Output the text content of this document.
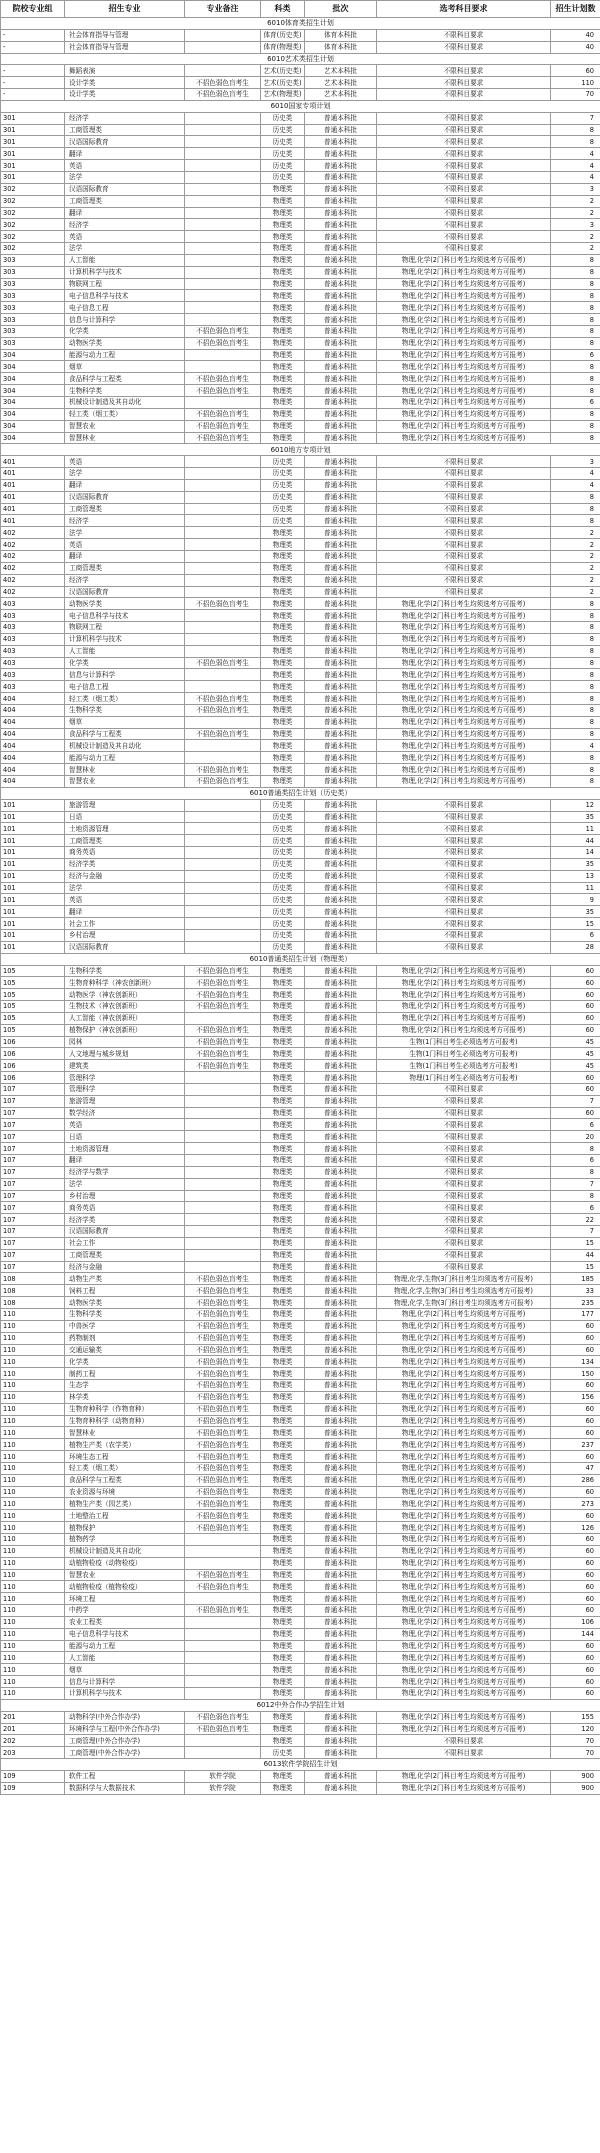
院校专业组	招生专业	专业备注	科类	批次	选考科目要求	招生计划数
6010体育类招生计划						
-	社会体育指导与管理		体育(历史类)	体育本科批	不限科目要求	40
-	社会体育指导与管理		体育(物理类)	体育本科批	不限科目要求	40
6010艺术类招生计划						
-	舞蹈表演		艺术(历史类)	艺术本科批	不限科目要求	60
-	设计学类	不招色弱色盲考生	艺术(历史类)	艺术本科批	不限科目要求	110
-	设计学类	不招色弱色盲考生	艺术(物理类)	艺术本科批	不限科目要求	70
6010国家专项计划						
301	经济学		历史类	普通本科批	不限科目要求	7
301	工商管理类		历史类	普通本科批	不限科目要求	8
301	汉语国际教育		历史类	普通本科批	不限科目要求	8
301	翻译		历史类	普通本科批	不限科目要求	4
301	英语		历史类	普通本科批	不限科目要求	4
301	法学		历史类	普通本科批	不限科目要求	4
302	汉语国际教育		物理类	普通本科批	不限科目要求	3
302	工商管理类		物理类	普通本科批	不限科目要求	2
302	翻译		物理类	普通本科批	不限科目要求	2
302	经济学		物理类	普通本科批	不限科目要求	3
302	英语		物理类	普通本科批	不限科目要求	2
302	法学		物理类	普通本科批	不限科目要求	2
303	人工智能		物理类	普通本科批	物理,化学(2门科目考生均须选考方可报考)	8
303	计算机科学与技术		物理类	普通本科批	物理,化学(2门科目考生均须选考方可报考)	8
303	物联网工程		物理类	普通本科批	物理,化学(2门科目考生均须选考方可报考)	8
303	电子信息科学与技术		物理类	普通本科批	物理,化学(2门科目考生均须选考方可报考)	8
303	电子信息工程		物理类	普通本科批	物理,化学(2门科目考生均须选考方可报考)	8
303	信息与计算科学		物理类	普通本科批	物理,化学(2门科目考生均须选考方可报考)	8
303	化学类	不招色弱色盲考生	物理类	普通本科批	物理,化学(2门科目考生均须选考方可报考)	8
303	动物医学类	不招色弱色盲考生	物理类	普通本科批	物理,化学(2门科目考生均须选考方可报考)	8
304	能源与动力工程		物理类	普通本科批	物理,化学(2门科目考生均须选考方可报考)	6
304	烟草		物理类	普通本科批	物理,化学(2门科目考生均须选考方可报考)	8
304	食品科学与工程类	不招色弱色盲考生	物理类	普通本科批	物理,化学(2门科目考生均须选考方可报考)	8
304	生物科学类	不招色弱色盲考生	物理类	普通本科批	物理,化学(2门科目考生均须选考方可报考)	8
304	机械设计制造及其自动化		物理类	普通本科批	物理,化学(2门科目考生均须选考方可报考)	6
304	轻工类（烟工类）	不招色弱色盲考生	物理类	普通本科批	物理,化学(2门科目考生均须选考方可报考)	8
304	智慧农业	不招色弱色盲考生	物理类	普通本科批	物理,化学(2门科目考生均须选考方可报考)	8
304	智慧林业	不招色弱色盲考生	物理类	普通本科批	物理,化学(2门科目考生均须选考方可报考)	8
6010地方专项计划						
401	英语		历史类	普通本科批	不限科目要求	3
401	法学		历史类	普通本科批	不限科目要求	4
401	翻译		历史类	普通本科批	不限科目要求	4
401	汉语国际教育		历史类	普通本科批	不限科目要求	8
401	工商管理类		历史类	普通本科批	不限科目要求	8
401	经济学		历史类	普通本科批	不限科目要求	8
402	法学		物理类	普通本科批	不限科目要求	2
402	英语		物理类	普通本科批	不限科目要求	2
402	翻译		物理类	普通本科批	不限科目要求	2
402	工商管理类		物理类	普通本科批	不限科目要求	2
402	经济学		物理类	普通本科批	不限科目要求	2
402	汉语国际教育		物理类	普通本科批	不限科目要求	2
403	动物医学类	不招色弱色盲考生	物理类	普通本科批	物理,化学(2门科目考生均须选考方可报考)	8
403	电子信息科学与技术		物理类	普通本科批	物理,化学(2门科目考生均须选考方可报考)	8
403	物联网工程		物理类	普通本科批	物理,化学(2门科目考生均须选考方可报考)	8
403	计算机科学与技术		物理类	普通本科批	物理,化学(2门科目考生均须选考方可报考)	8
403	人工智能		物理类	普通本科批	物理,化学(2门科目考生均须选考方可报考)	8
403	化学类	不招色弱色盲考生	物理类	普通本科批	物理,化学(2门科目考生均须选考方可报考)	8
403	信息与计算科学		物理类	普通本科批	物理,化学(2门科目考生均须选考方可报考)	8
403	电子信息工程		物理类	普通本科批	物理,化学(2门科目考生均须选考方可报考)	8
404	轻工类（烟工类）	不招色弱色盲考生	物理类	普通本科批	物理,化学(2门科目考生均须选考方可报考)	8
404	生物科学类	不招色弱色盲考生	物理类	普通本科批	物理,化学(2门科目考生均须选考方可报考)	8
404	烟草		物理类	普通本科批	物理,化学(2门科目考生均须选考方可报考)	8
404	食品科学与工程类	不招色弱色盲考生	物理类	普通本科批	物理,化学(2门科目考生均须选考方可报考)	8
404	机械设计制造及其自动化		物理类	普通本科批	物理,化学(2门科目考生均须选考方可报考)	4
404	能源与动力工程		物理类	普通本科批	物理,化学(2门科目考生均须选考方可报考)	8
404	智慧林业	不招色弱色盲考生	物理类	普通本科批	物理,化学(2门科目考生均须选考方可报考)	8
404	智慧农业	不招色弱色盲考生	物理类	普通本科批	物理,化学(2门科目考生均须选考方可报考)	8
6010普通类招生计划（历史类）						
101	旅游管理		历史类	普通本科批	不限科目要求	12
101	日语		历史类	普通本科批	不限科目要求	35
101	土地资源管理		历史类	普通本科批	不限科目要求	11
101	工商管理类		历史类	普通本科批	不限科目要求	44
101	商务英语		历史类	普通本科批	不限科目要求	14
101	经济学类		历史类	普通本科批	不限科目要求	35
101	经济与金融		历史类	普通本科批	不限科目要求	13
101	法学		历史类	普通本科批	不限科目要求	11
101	英语		历史类	普通本科批	不限科目要求	9
101	翻译		历史类	普通本科批	不限科目要求	35
101	社会工作		历史类	普通本科批	不限科目要求	15
101	乡村治理		历史类	普通本科批	不限科目要求	6
101	汉语国际教育		历史类	普通本科批	不限科目要求	28
6010普通类招生计划（物理类）						
105	生物科学类	不招色弱色盲考生	物理类	普通本科批	物理,化学(2门科目考生均须选考方可报考)	60
105	生物育种科学（神农创新班）	不招色弱色盲考生	物理类	普通本科批	物理,化学(2门科目考生均须选考方可报考)	60
105	动物医学（神农创新班）	不招色弱色盲考生	物理类	普通本科批	物理,化学(2门科目考生均须选考方可报考)	60
105	生物技术（神农创新班）	不招色弱色盲考生	物理类	普通本科批	物理,化学(2门科目考生均须选考方可报考)	60
105	人工智能（神农创新班）		物理类	普通本科批	物理,化学(2门科目考生均须选考方可报考)	60
105	植物保护（神农创新班）	不招色弱色盲考生	物理类	普通本科批	物理,化学(2门科目考生均须选考方可报考)	60
106	园林	不招色弱色盲考生	物理类	普通本科批	生物(1门科目考生必须选考方可报考)	45
106	人文地理与城乡规划	不招色弱色盲考生	物理类	普通本科批	生物(1门科目考生必须选考方可报考)	45
106	建筑类	不招色弱色盲考生	物理类	普通本科批	生物(1门科目考生必须选考方可报考)	45
106	管理科学		物理类	普通本科批	物理(1门科目考生必须选考方可报考)	60
107	管理科学		物理类	普通本科批	不限科目要求	60
107	旅游管理		物理类	普通本科批	不限科目要求	7
107	数学经济		物理类	普通本科批	不限科目要求	60
107	英语		物理类	普通本科批	不限科目要求	6
107	日语		物理类	普通本科批	不限科目要求	20
107	土地资源管理		物理类	普通本科批	不限科目要求	8
107	翻译		物理类	普通本科批	不限科目要求	6
107	经济学与数学		物理类	普通本科批	不限科目要求	8
107	法学		物理类	普通本科批	不限科目要求	7
107	乡村治理		物理类	普通本科批	不限科目要求	8
107	商务英语		物理类	普通本科批	不限科目要求	6
107	经济学类		物理类	普通本科批	不限科目要求	22
107	汉语国际教育		物理类	普通本科批	不限科目要求	7
107	社会工作		物理类	普通本科批	不限科目要求	15
107	工商管理类		物理类	普通本科批	不限科目要求	44
107	经济与金融		物理类	普通本科批	不限科目要求	15
108	动物生产类	不招色弱色盲考生	物理类	普通本科批	物理,化学,生物(3门科目考生均须选考方可报考)	185
108	饲料工程	不招色弱色盲考生	物理类	普通本科批	物理,化学,生物(3门科目考生均须选考方可报考)	33
108	动物医学类	不招色弱色盲考生	物理类	普通本科批	物理,化学,生物(3门科目考生均须选考方可报考)	235
110	生物科学类	不招色弱色盲考生	物理类	普通本科批	物理,化学(2门科目考生均须选考方可报考)	177
110	中兽医学	不招色弱色盲考生	物理类	普通本科批	物理,化学(2门科目考生均须选考方可报考)	60
110	药物制剂	不招色弱色盲考生	物理类	普通本科批	物理,化学(2门科目考生均须选考方可报考)	60
110	交通运输类	不招色弱色盲考生	物理类	普通本科批	物理,化学(2门科目考生均须选考方可报考)	60
110	化学类	不招色弱色盲考生	物理类	普通本科批	物理,化学(2门科目考生均须选考方可报考)	134
110	制药工程	不招色弱色盲考生	物理类	普通本科批	物理,化学(2门科目考生均须选考方可报考)	150
110	生态学	不招色弱色盲考生	物理类	普通本科批	物理,化学(2门科目考生均须选考方可报考)	60
110	林学类	不招色弱色盲考生	物理类	普通本科批	物理,化学(2门科目考生均须选考方可报考)	156
110	生物育种科学（作物育种）	不招色弱色盲考生	物理类	普通本科批	物理,化学(2门科目考生均须选考方可报考)	60
110	生物育种科学（动物育种）	不招色弱色盲考生	物理类	普通本科批	物理,化学(2门科目考生均须选考方可报考)	60
110	智慧林业	不招色弱色盲考生	物理类	普通本科批	物理,化学(2门科目考生均须选考方可报考)	60
110	植物生产类（农学类）	不招色弱色盲考生	物理类	普通本科批	物理,化学(2门科目考生均须选考方可报考)	237
110	环境生态工程	不招色弱色盲考生	物理类	普通本科批	物理,化学(2门科目考生均须选考方可报考)	60
110	轻工类（烟工类）	不招色弱色盲考生	物理类	普通本科批	物理,化学(2门科目考生均须选考方可报考)	47
110	食品科学与工程类	不招色弱色盲考生	物理类	普通本科批	物理,化学(2门科目考生均须选考方可报考)	286
110	农业资源与环境	不招色弱色盲考生	物理类	普通本科批	物理,化学(2门科目考生均须选考方可报考)	60
110	植物生产类（园艺类）	不招色弱色盲考生	物理类	普通本科批	物理,化学(2门科目考生均须选考方可报考)	273
110	土地整治工程	不招色弱色盲考生	物理类	普通本科批	物理,化学(2门科目考生均须选考方可报考)	60
110	植物保护	不招色弱色盲考生	物理类	普通本科批	物理,化学(2门科目考生均须选考方可报考)	126
110	植物药学		物理类	普通本科批	物理,化学(2门科目考生均须选考方可报考)	60
110	机械设计制造及其自动化		物理类	普通本科批	物理,化学(2门科目考生均须选考方可报考)	60
110	动植物检疫（动物检疫）		物理类	普通本科批	物理,化学(2门科目考生均须选考方可报考)	60
110	智慧农业	不招色弱色盲考生	物理类	普通本科批	物理,化学(2门科目考生均须选考方可报考)	60
110	动植物检疫（植物检疫）	不招色弱色盲考生	物理类	普通本科批	物理,化学(2门科目考生均须选考方可报考)	60
110	环境工程		物理类	普通本科批	物理,化学(2门科目考生均须选考方可报考)	60
110	中药学	不招色弱色盲考生	物理类	普通本科批	物理,化学(2门科目考生均须选考方可报考)	60
110	农业工程类		物理类	普通本科批	物理,化学(2门科目考生均须选考方可报考)	106
110	电子信息科学与技术		物理类	普通本科批	物理,化学(2门科目考生均须选考方可报考)	144
110	能源与动力工程		物理类	普通本科批	物理,化学(2门科目考生均须选考方可报考)	60
110	人工智能		物理类	普通本科批	物理,化学(2门科目考生均须选考方可报考)	60
110	烟草		物理类	普通本科批	物理,化学(2门科目考生均须选考方可报考)	60
110	信息与计算科学		物理类	普通本科批	物理,化学(2门科目考生均须选考方可报考)	60
110	计算机科学与技术		物理类	普通本科批	物理,化学(2门科目考生均须选考方可报考)	60
6012中外合作办学招生计划						
201	动物科学(中外合作办学)	不招色弱色盲考生	物理类	普通本科批	物理,化学(2门科目考生均须选考方可报考)	155
201	环境科学与工程(中外合作办学)	不招色弱色盲考生	物理类	普通本科批	物理,化学(2门科目考生均须选考方可报考)	120
202	工商管理(中外合作办学)		物理类	普通本科批	不限科目要求	70
203	工商管理(中外合作办学)		历史类	普通本科批	不限科目要求	70
6013软件学院招生计划						
109	软件工程	软件学院	物理类	普通本科批	物理,化学(2门科目考生均须选考方可报考)	900
109	数据科学与大数据技术	软件学院	物理类	普通本科批	物理,化学(2门科目考生均须选考方可报考)	900
